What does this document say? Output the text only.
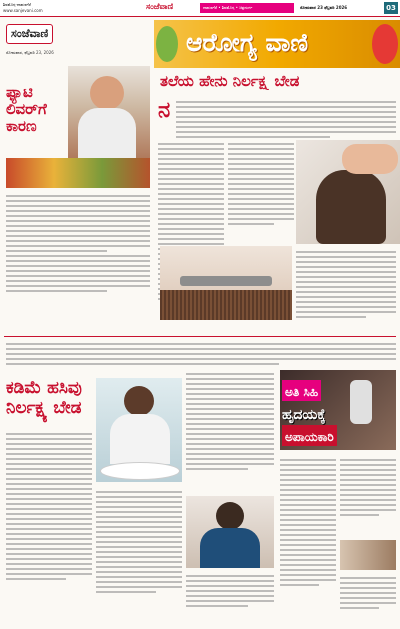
ಶಿವಮೊಗ್ಗ-ದಾವಣಗೆರೆ
www.sanjevani.com	ಸಂಜೆವಾಣಿ	ದಾವಣಗೆರೆ • ಶಿವಮೊಗ್ಗ • ಚಿತ್ರದುರ್ಗ	ಸೋಮವಾರ 23 ಫೆಬ್ರವರಿ 2026	03
ಸಂಜೆವಾಣಿ
ಸೋಮವಾರ, ಫೆಬ್ರವರಿ 23, 2026
ಫ್ಯಾಟಿ
ಲಿವರ್‌ಗೆ
ಕಾರಣ
ಆರೋಗ್ಯ ವಾಣಿ
ತಲೆಯ ಹೇನು ನಿರ್ಲಕ್ಷ್ಯ ಬೇಡ
ನ
ಕಡಿಮೆ ಹಸಿವು
ನಿರ್ಲಕ್ಷ್ಯ ಬೇಡ
ಅತಿ ಸಿಹಿ
ಹೃದಯಕ್ಕೆ
ಅಪಾಯಕಾರಿ
